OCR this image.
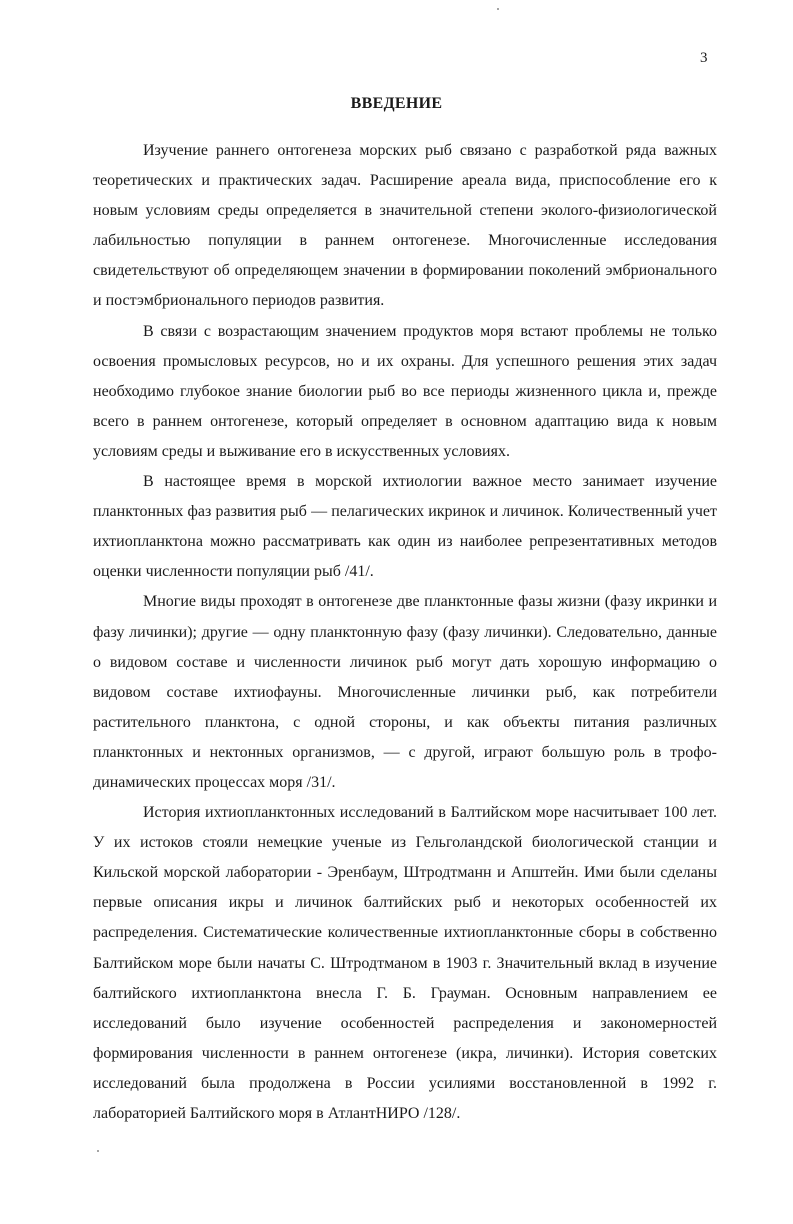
3
ВВЕДЕНИЕ

Изучение раннего онтогенеза морских рыб связано с разработкой ряда важных теоретических и практических задач. Расширение ареала вида, приспособление его к новым условиям среды определяется в значительной степени эколого-физиологической лабильностью популяции в раннем онтогенезе. Многочисленные исследования свидетельствуют об определяющем значении в формировании поколений эмбрионального и постэмбрионального периодов развития.

В связи с возрастающим значением продуктов моря встают проблемы не только освоения промысловых ресурсов, но и их охраны. Для успешного решения этих задач необходимо глубокое знание биологии рыб во все периоды жизненного цикла и, прежде всего в раннем онтогенезе, который определяет в основном адаптацию вида к новым условиям среды и выживание его в искусственных условиях.

В настоящее время в морской ихтиологии важное место занимает изучение планктонных фаз развития рыб — пелагических икринок и личинок. Количественный учет ихтиопланктона можно рассматривать как один из наиболее репрезентативных методов оценки численности популяции рыб /41/.

Многие виды проходят в онтогенезе две планктонные фазы жизни (фазу икринки и фазу личинки); другие — одну планктонную фазу (фазу личинки). Следовательно, данные о видовом составе и численности личинок рыб могут дать хорошую информацию о видовом составе ихтиофауны. Многочисленные личинки рыб, как потребители растительного планктона, с одной стороны, и как объекты питания различных планктонных и нектонных организмов, — с другой, играют большую роль в трофо-динамических процессах моря /31/.

История ихтиопланктонных исследований в Балтийском море насчитывает 100 лет. У их истоков стояли немецкие ученые из Гельголандской биологической станции и Кильской морской лаборатории - Эренбаум, Штродтманн и Апштейн. Ими были сделаны первые описания икры и личинок балтийских рыб и некоторых особенностей их распределения. Систематические количественные ихтиопланктонные сборы в собственно Балтийском море были начаты С. Штродтманом в 1903 г. Значительный вклад в изучение балтийского ихтиопланктона внесла Г. Б. Грауман. Основным направлением ее исследований было изучение особенностей распределения и закономерностей формирования численности в раннем онтогенезе (икра, личинки). История советских исследований была продолжена в России усилиями восстановленной в 1992 г. лабораторией Балтийского моря в АтлантНИРО /128/.
